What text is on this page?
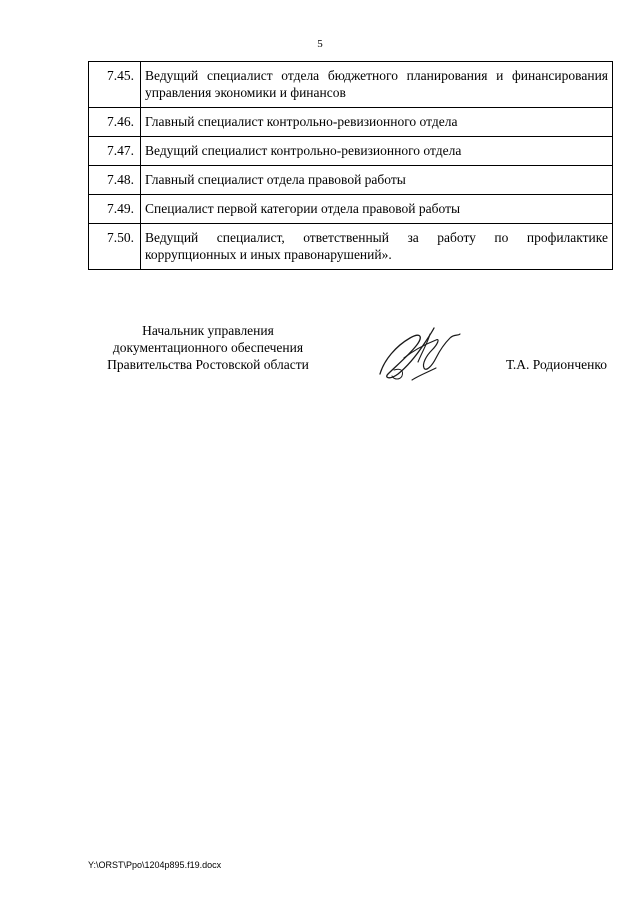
5
7.45.	Ведущий специалист отдела бюджетного планирования и финансирования управления экономики и финансов
7.46.	Главный специалист контрольно-ревизионного отдела
7.47.	Ведущий специалист контрольно-ревизионного отдела
7.48.	Главный специалист отдела правовой работы
7.49.	Специалист первой категории отдела правовой работы
7.50.	Ведущий специалист, ответственный за работу по профилактике коррупционных и иных правонарушений».
Начальник управления
документационного обеспечения
Правительства Ростовской области	Т.А. Родионченко
Y:\ORST\Ppo\1204p895.f19.docx
